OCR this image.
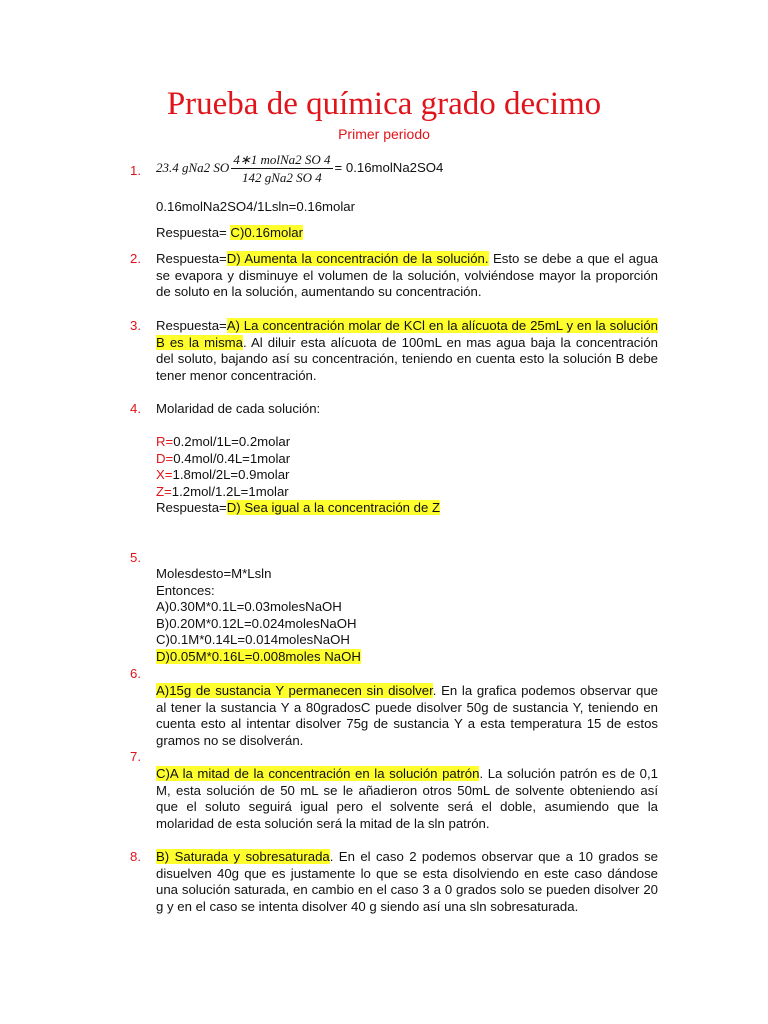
Prueba de química grado decimo
Primer periodo
1.	23.4 gNa2 SO $\frac{\text{4∗1 molNa2 SO 4}}{\text{142 gNa2 SO 4}}$ = 0.16molNa2SO4
0.16molNa2SO4/1Lsln=0.16molar
Respuesta= C)0.16molar
2.	Respuesta=D) Aumenta la concentración de la solución. Esto se debe a que el agua se evapora y disminuye el volumen de la solución, volviéndose mayor la proporción de soluto en la solución, aumentando su concentración.
3.	Respuesta=A) La concentración molar de KCl en la alícuota de 25mL y en la solución B es la misma. Al diluir esta alícuota de 100mL en mas agua baja la concentración del soluto, bajando así su concentración, teniendo en cuenta esto la solución B debe tener menor concentración.
4.	Molaridad de cada solución:

R=0.2mol/1L=0.2molar

D=0.4mol/0.4L=1molar

X=1.8mol/2L=0.9molar

Z=1.2mol/1.2L=1molar

Respuesta=D) Sea igual a la concentración de Z

5.

Molesdesto=M*Lsln

Entonces:

A)0.30M*0.1L=0.03molesNaOH

B)0.20M*0.12L=0.024molesNaOH

C)0.1M*0.14L=0.014molesNaOH

D)0.05M*0.16L=0.008moles NaOH

6.
A)15g de sustancia Y permanecen sin disolver. En la grafica podemos observar que al tener la sustancia Y a 80gradosC puede disolver 50g de sustancia Y, teniendo en cuenta esto al intentar disolver 75g de sustancia Y a esta temperatura 15 de estos gramos no se disolverán.
7.
C)A la mitad de la concentración en la solución patrón. La solución patrón es de 0,1 M, esta solución de 50 mL se le añadieron otros 50mL de solvente obteniendo así que el soluto seguirá igual pero el solvente será el doble, asumiendo que la molaridad de esta solución será la mitad de la sln patrón.
8.	B) Saturada y sobresaturada. En el caso 2 podemos observar que a 10 grados se disuelven 40g que es justamente lo que se esta disolviendo en este caso dándose una solución saturada, en cambio en el caso 3 a 0 grados solo se pueden disolver 20 g y en el caso se intenta disolver 40 g siendo así una sln sobresaturada.
